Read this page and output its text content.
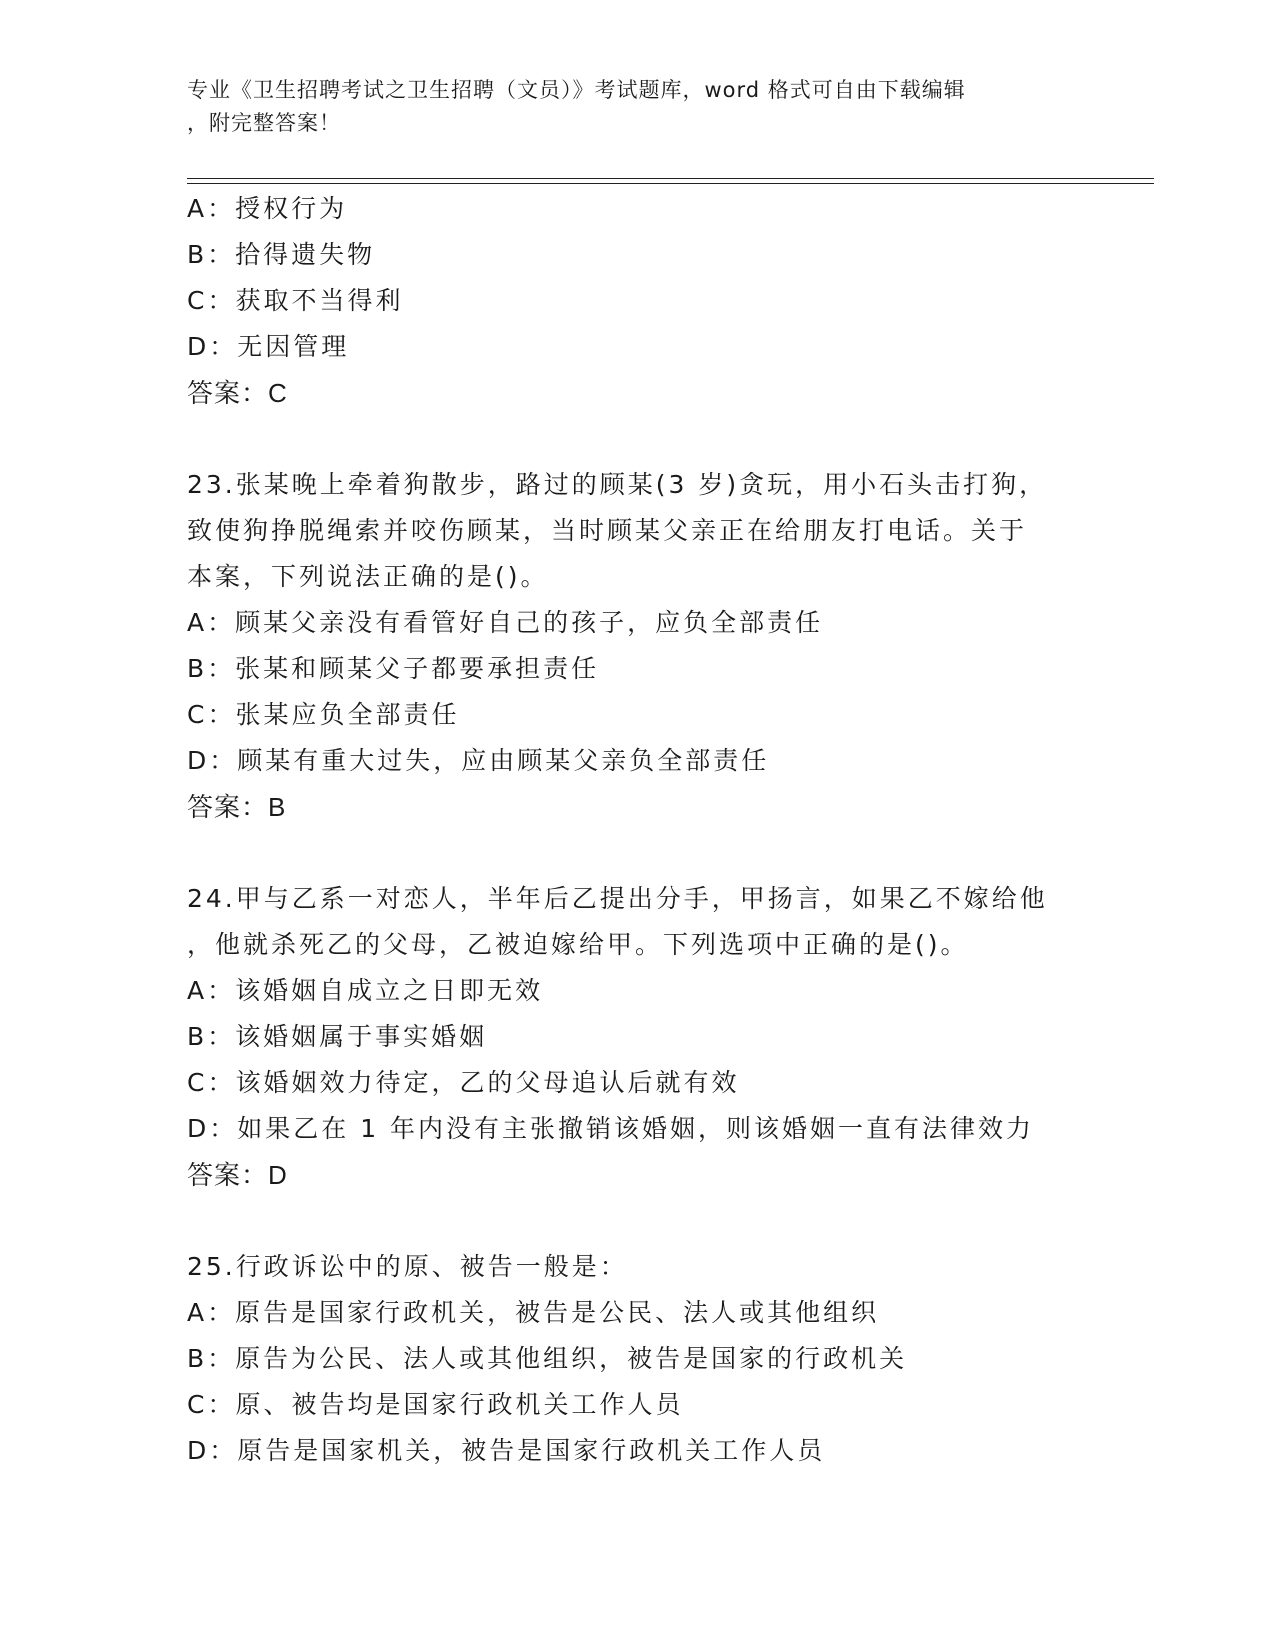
专业《卫生招聘考试之卫生招聘（文员）》考试题库，word 格式可自由下载编辑
，附完整答案！
A：授权行为
B：拾得遗失物
C：获取不当得利
D：无因管理
答案：C
23.张某晚上牵着狗散步，路过的顾某(3 岁)贪玩，用小石头击打狗，
致使狗挣脱绳索并咬伤顾某，当时顾某父亲正在给朋友打电话。关于
本案，下列说法正确的是()。
A：顾某父亲没有看管好自己的孩子，应负全部责任
B：张某和顾某父子都要承担责任
C：张某应负全部责任
D：顾某有重大过失，应由顾某父亲负全部责任
答案：B
24.甲与乙系一对恋人，半年后乙提出分手，甲扬言，如果乙不嫁给他
，他就杀死乙的父母，乙被迫嫁给甲。下列选项中正确的是()。
A：该婚姻自成立之日即无效
B：该婚姻属于事实婚姻
C：该婚姻效力待定，乙的父母追认后就有效
D：如果乙在 1 年内没有主张撤销该婚姻，则该婚姻一直有法律效力
答案：D
25.行政诉讼中的原、被告一般是：
A：原告是国家行政机关，被告是公民、法人或其他组织
B：原告为公民、法人或其他组织，被告是国家的行政机关
C：原、被告均是国家行政机关工作人员
D：原告是国家机关，被告是国家行政机关工作人员
